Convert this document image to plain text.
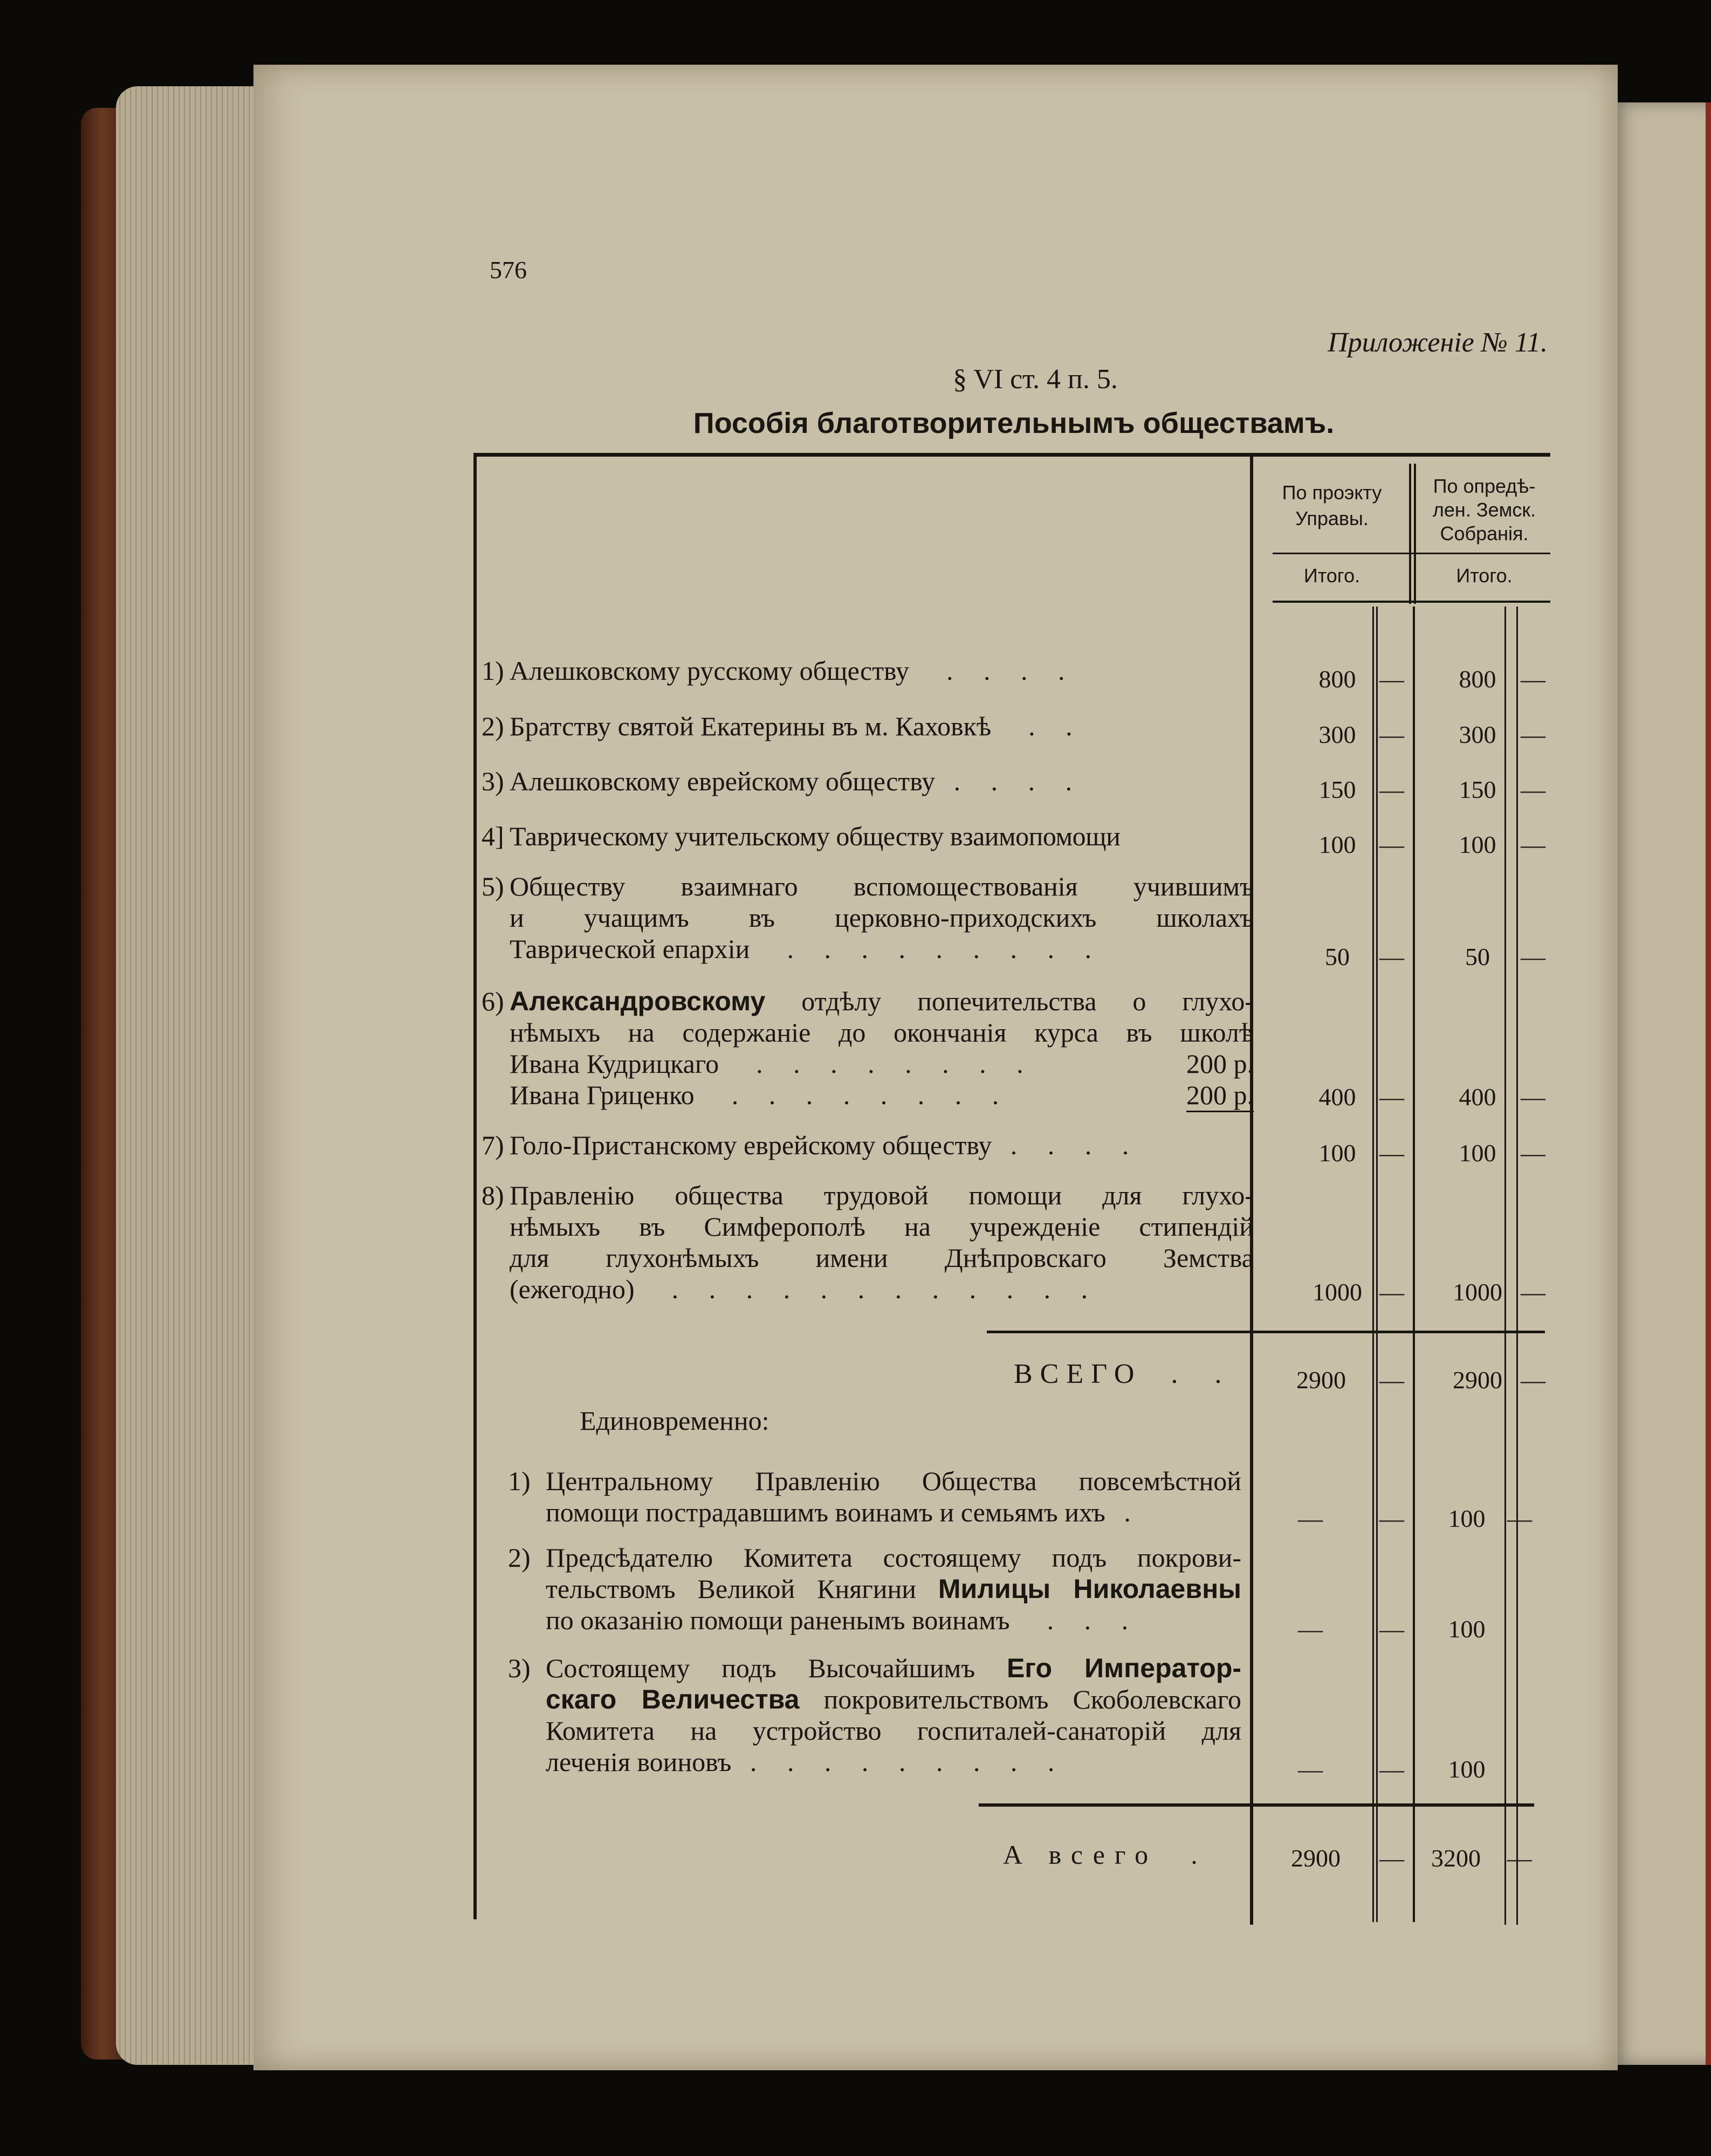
576
Приложеніе № 11.
§ VI ст. 4 п. 5.
Пособія благотворительнымъ обществамъ.
По проэкту
Управы.
По опредѣ-
лен. Земск.
Собранія.
Итого.	Итого.
1) Алешковскому русскому обществу . . . .	800 —	800 —
2) Братству святой Екатерины въ м. Каховкѣ . .	300 —	300 —
3) Алешковскому еврейскому обществу . . . .	150 —	150 —
4] Таврическому учительскому обществу взаимопомощи	100 —	100 —
5) Обществу взаимнаго вспомоществованія учившимъ
и учащимъ въ церковно-приходскихъ школахъ
Таврической епархіи . . . . . . . . .	50	—	50	—
6) Александровскому отдѣлу попечительства о глухо-
нѣмыхъ на содержаніе до окончанія курса въ школѣ
Ивана Кудрицкаго . . . . . . . .	200 р.
Ивана Гриценко . . . . . . . .	200 р.	400 —	400 —
7) Голо-Пристанскому еврейскому обществу . . . .	100 —	100 —
8) Правленію общества трудовой помощи для глухо-
нѣмыхъ въ Симферополѣ на учрежденіе стипендій
для глухонѣмыхъ имени Днѣпровскаго Земства
(ежегодно) . . . . . . . . . . . .	1000 —	1000 —
ВСЕГО  .  .	2900	—	2900 —
Единовременно:
1) Центральному Правленію Общества повсемѣстной
помощи пострадавшимъ воинамъ и семьямъ ихъ .	—	—	100 —
2) Предсѣдателю Комитета состоящему подъ покрови-
тельствомъ Великой Княгини Милицы Николаевны
по оказанію помощи раненымъ воинамъ . . .	—	—	100
3) Состоящему подъ Высочайшимъ Его Император-
скаго Величества покровительствомъ Скоболевскаго
Комитета на устройство госпиталей-санаторій для
леченія воиновъ . . . . . . . . .	—	—	100
А всего  .	2900	—	3200	—
